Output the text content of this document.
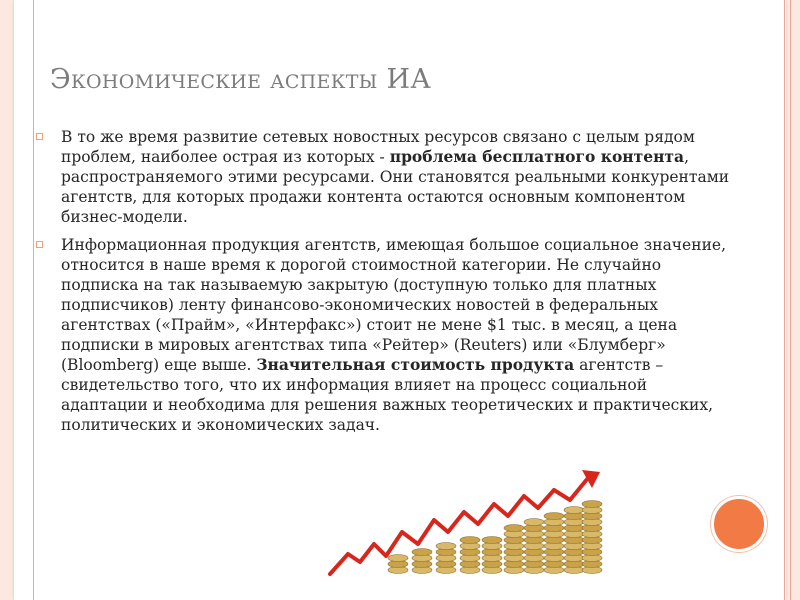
Экономические аспекты ИА
В то же время развитие сетевых новостных ресурсов связано с целым рядом проблем, наиболее острая из которых - проблема бесплатного контента, распространяемого этими ресурсами. Они становятся реальными конкурентами агентств, для которых продажи контента остаются основным компонентом бизнес-модели.
Информационная продукция агентств, имеющая большое социальное значение, относится в наше время к дорогой стоимостной категории. Не случайно подписка на так называемую закрытую (доступную только для платных подписчиков) ленту финансово-экономических новостей в федеральных агентствах («Прайм», «Интерфакс») стоит не мене $1 тыс. в месяц, а цена подписки в мировых агентствах типа «Рейтер» (Reuters) или «Блумберг» (Bloomberg) еще выше. Значительная стоимость продукта агентств – свидетельство того, что их информация влияет на процесс социальной адаптации и необходима для решения важных теоретических и практических, политических и экономических задач.
